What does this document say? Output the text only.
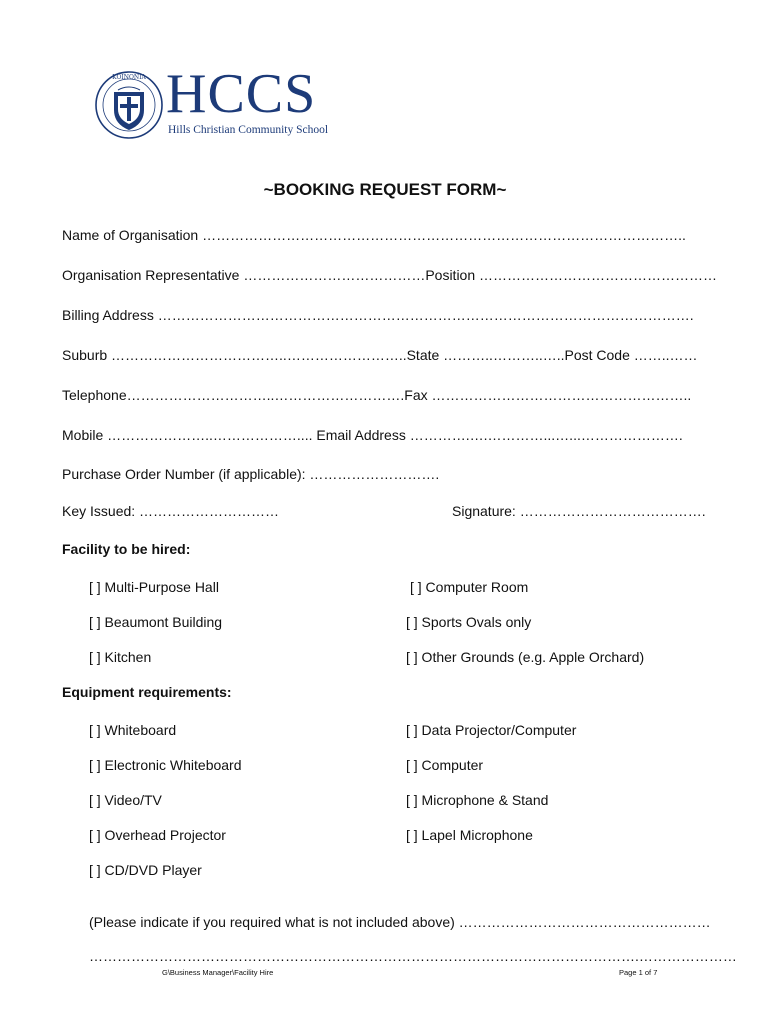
KOINONIA HCCS
Hills Christian Community School
~BOOKING REQUEST FORM~
Name of Organisation …………………………………………………………………………………………..
Organisation Representative …………………………………Position ……………………………………………
Billing Address …………………………………………………………………………………………………….
Suburb ………………………………..……………………..State ………..………..…..Post Code ……..……
Telephone…………………………..……………………….Fax ………………………………………………..
Mobile …………………..……………….... Email Address ………….….…………...…...………………….
Purchase Order Number (if applicable): ……………………….
Key Issued: …………………………	Signature: ………………………………….
Facility to be hired:
[ ] Multi-Purpose Hall
[ ] Beaumont Building
[ ] Kitchen
[ ] Computer Room
[ ] Sports Ovals only
[ ] Other Grounds (e.g. Apple Orchard)
Equipment requirements:
[ ] Whiteboard
[ ] Electronic Whiteboard
[ ] Video/TV
[ ] Overhead Projector
[ ] CD/DVD Player
[ ] Data Projector/Computer
[ ] Computer
[ ] Microphone & Stand
[ ] Lapel Microphone
(Please indicate if you required what is not included above) ………………………………………………
……………………………………………………………………………………………………….…………………
G\Business Manager\Facility Hire	Page 1 of 7
